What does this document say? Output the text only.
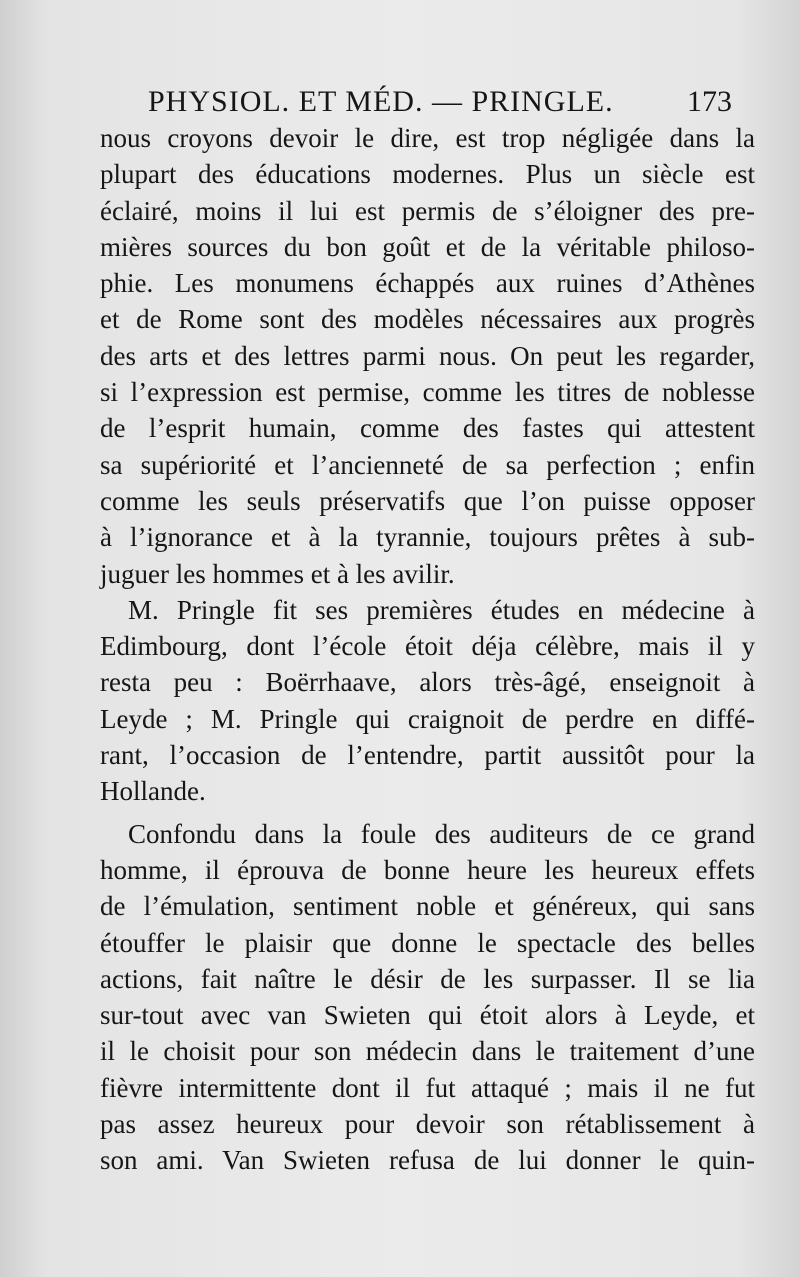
PHYSIOL. ET MÉD. — PRINGLE. 173
nous croyons devoir le dire, est trop négligée dans la
plupart des éducations modernes. Plus un siècle est
éclairé, moins il lui est permis de s’éloigner des pre-
mières sources du bon goût et de la véritable philoso-
phie. Les monumens échappés aux ruines d’Athènes
et de Rome sont des modèles nécessaires aux progrès
des arts et des lettres parmi nous. On peut les regarder,
si l’expression est permise, comme les titres de noblesse
de l’esprit humain, comme des fastes qui attestent
sa supériorité et l’ancienneté de sa perfection ; enfin
comme les seuls préservatifs que l’on puisse opposer
à l’ignorance et à la tyrannie, toujours prêtes à sub-
juguer les hommes et à les avilir.
M. Pringle fit ses premières études en médecine à
Edimbourg, dont l’école étoit déja célèbre, mais il y
resta peu : Boërrhaave, alors très-âgé, enseignoit à
Leyde ; M. Pringle qui craignoit de perdre en diffé-
rant, l’occasion de l’entendre, partit aussitôt pour la
Hollande.
Confondu dans la foule des auditeurs de ce grand
homme, il éprouva de bonne heure les heureux effets
de l’émulation, sentiment noble et généreux, qui sans
étouffer le plaisir que donne le spectacle des belles
actions, fait naître le désir de les surpasser. Il se lia
sur-tout avec van Swieten qui étoit alors à Leyde, et
il le choisit pour son médecin dans le traitement d’une
fièvre intermittente dont il fut attaqué ; mais il ne fut
pas assez heureux pour devoir son rétablissement à
son ami. Van Swieten refusa de lui donner le quin-
